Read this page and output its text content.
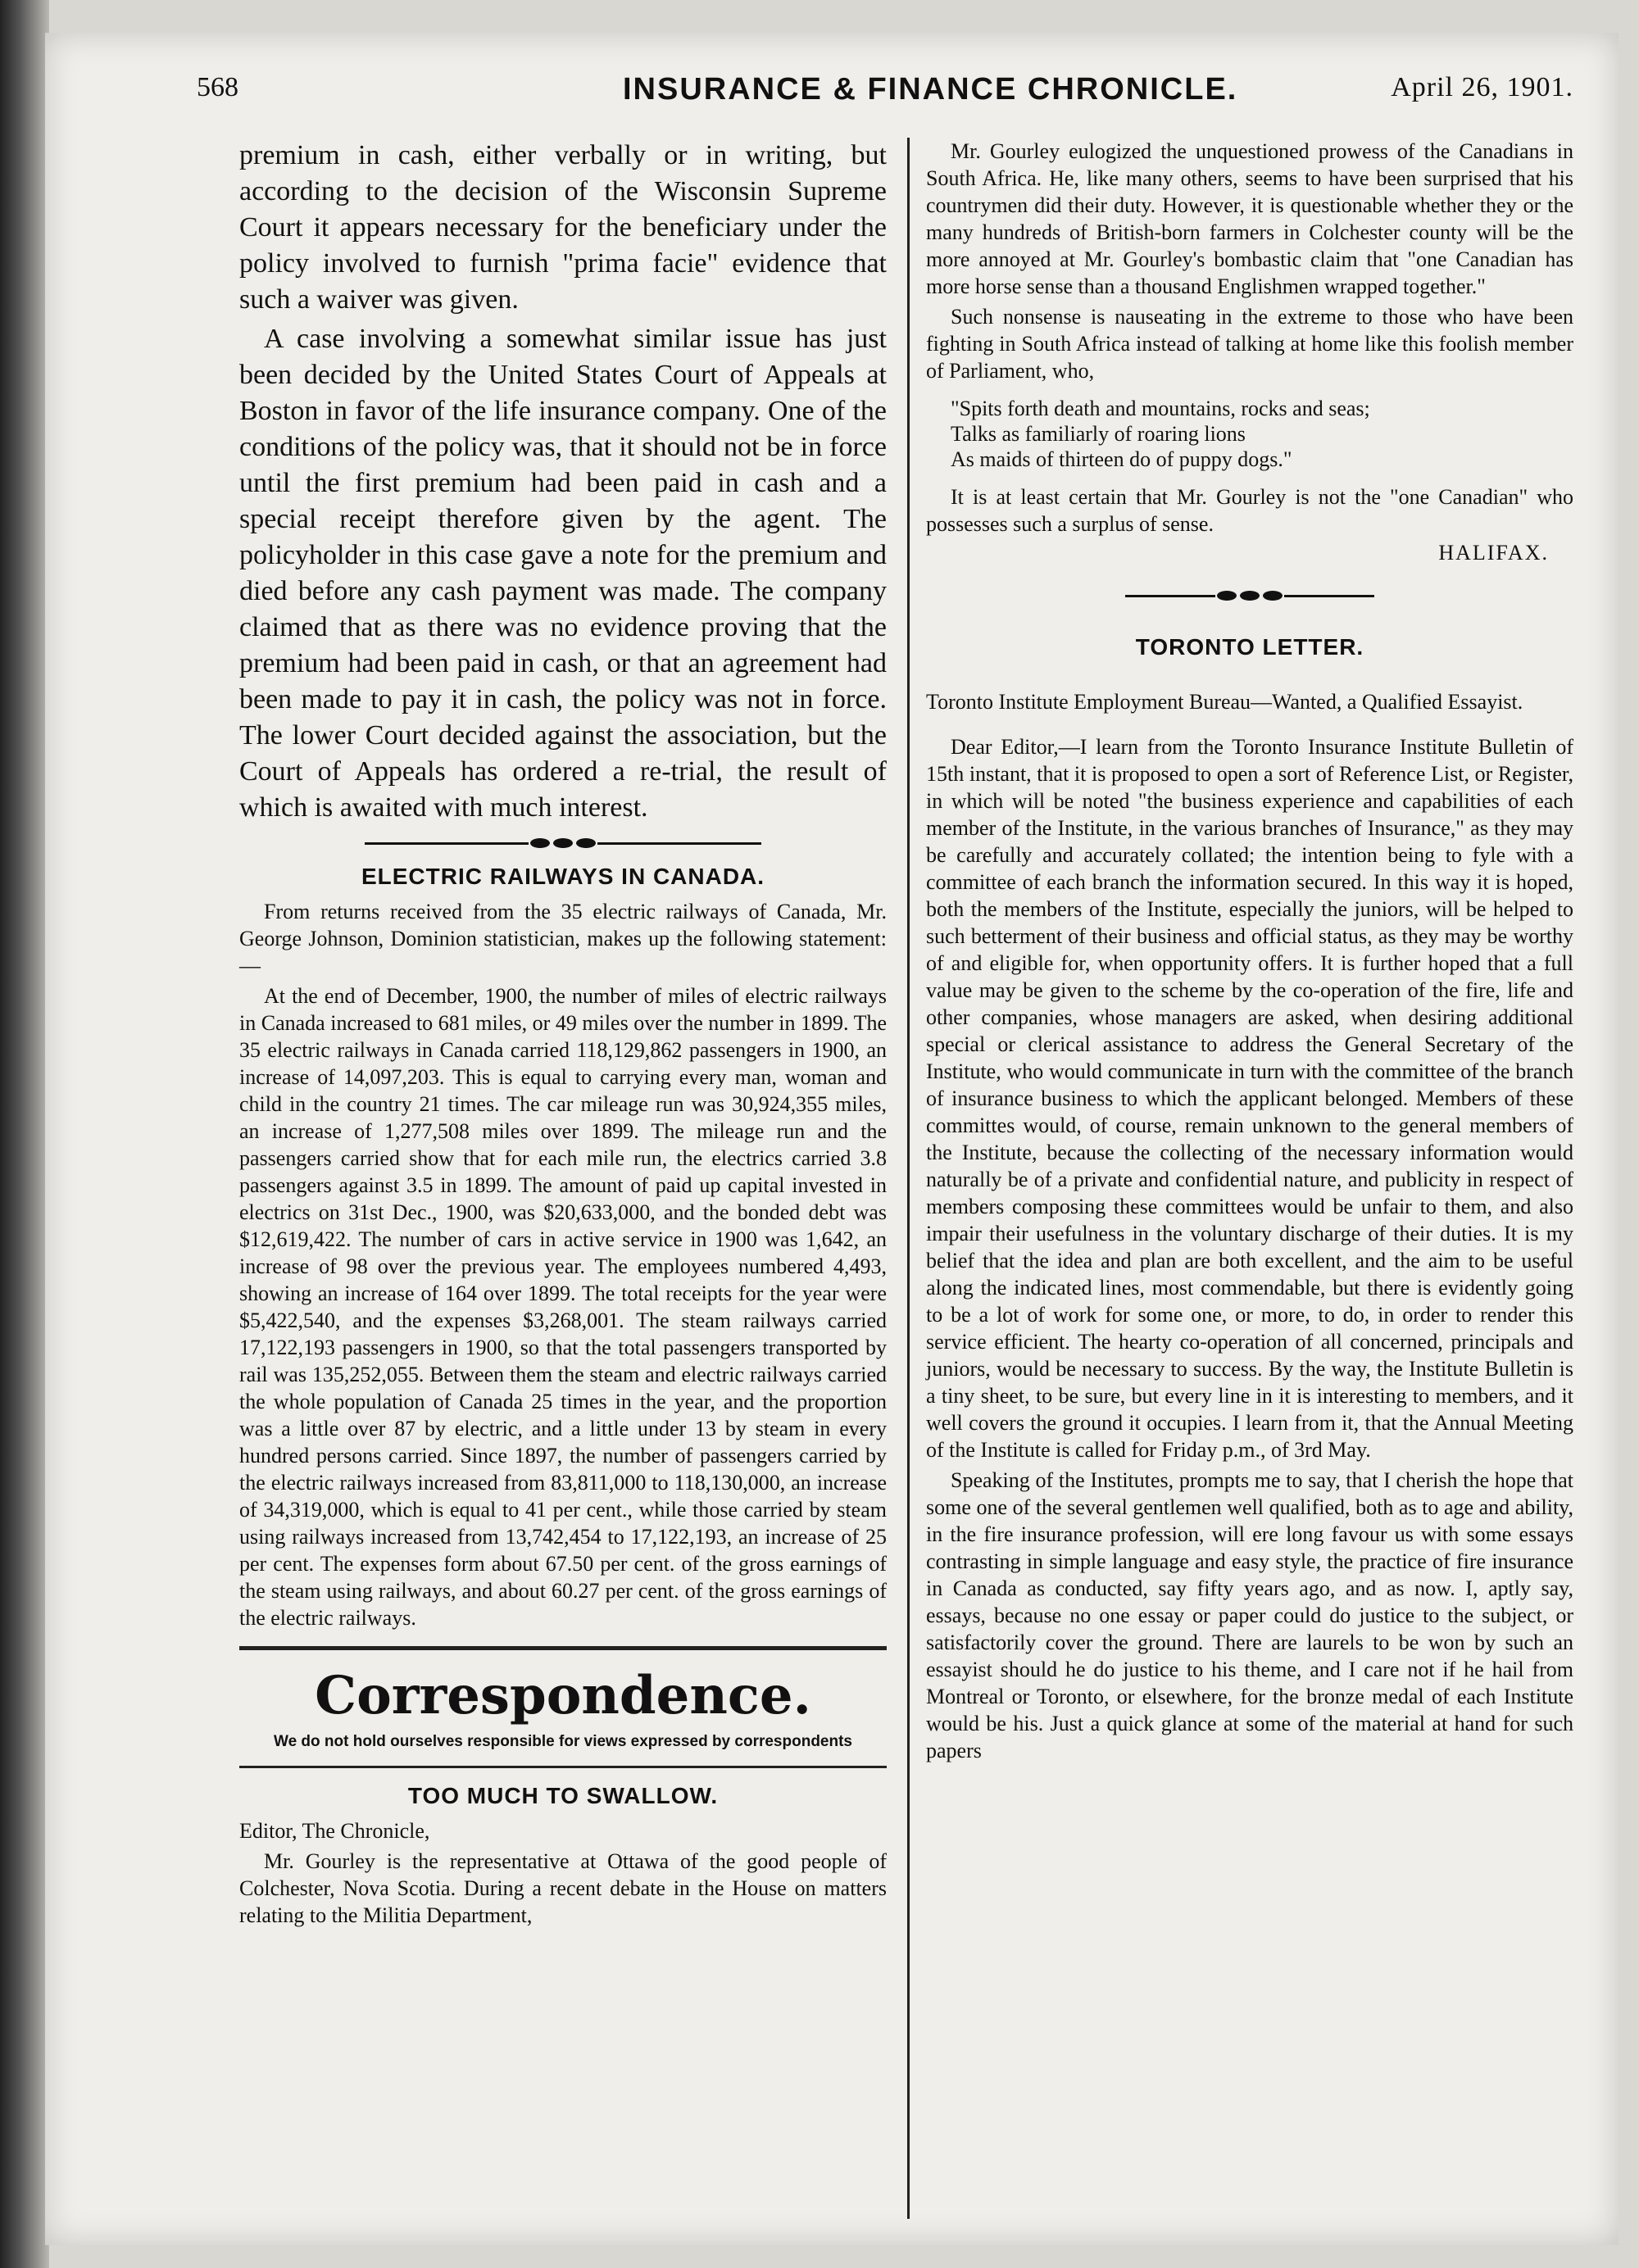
568	INSURANCE & FINANCE CHRONICLE.	April 26, 1901.

premium in cash, either verbally or in writing, but according to the decision of the Wisconsin Supreme Court it appears necessary for the beneficiary under the policy involved to furnish "prima facie" evidence that such a waiver was given.

A case involving a somewhat similar issue has just been decided by the United States Court of Appeals at Boston in favor of the life insurance company. One of the conditions of the policy was, that it should not be in force until the first premium had been paid in cash and a special receipt therefore given by the agent. The policyholder in this case gave a note for the premium and died before any cash payment was made. The company claimed that as there was no evidence proving that the premium had been paid in cash, or that an agreement had been made to pay it in cash, the policy was not in force. The lower Court decided against the association, but the Court of Appeals has ordered a re-trial, the result of which is awaited with much interest.

ELECTRIC RAILWAYS IN CANADA.

From returns received from the 35 electric railways of Canada, Mr. George Johnson, Dominion statistician, makes up the following statement:—

At the end of December, 1900, the number of miles of electric railways in Canada increased to 681 miles, or 49 miles over the number in 1899. The 35 electric railways in Canada carried 118,129,862 passengers in 1900, an increase of 14,097,203. This is equal to carrying every man, woman and child in the country 21 times. The car mileage run was 30,924,355 miles, an increase of 1,277,508 miles over 1899. The mileage run and the passengers carried show that for each mile run, the electrics carried 3.8 passengers against 3.5 in 1899. The amount of paid up capital invested in electrics on 31st Dec., 1900, was $20,633,000, and the bonded debt was $12,619,422. The number of cars in active service in 1900 was 1,642, an increase of 98 over the previous year. The employees numbered 4,493, showing an increase of 164 over 1899. The total receipts for the year were $5,422,540, and the expenses $3,268,001. The steam railways carried 17,122,193 passengers in 1900, so that the total passengers transported by rail was 135,252,055. Between them the steam and electric railways carried the whole population of Canada 25 times in the year, and the proportion was a little over 87 by electric, and a little under 13 by steam in every hundred persons carried. Since 1897, the number of passengers carried by the electric railways increased from 83,811,000 to 118,130,000, an increase of 34,319,000, which is equal to 41 per cent., while those carried by steam using railways increased from 13,742,454 to 17,122,193, an increase of 25 per cent. The expenses form about 67.50 per cent. of the gross earnings of the steam using railways, and about 60.27 per cent. of the gross earnings of the electric railways.

Correspondence.
We do not hold ourselves responsible for views expressed by correspondents
TOO MUCH TO SWALLOW.

Editor, The Chronicle,

Mr. Gourley is the representative at Ottawa of the good people of Colchester, Nova Scotia. During a recent debate in the House on matters relating to the Militia Department,

Mr. Gourley eulogized the unquestioned prowess of the Canadians in South Africa. He, like many others, seems to have been surprised that his countrymen did their duty. However, it is questionable whether they or the many hundreds of British-born farmers in Colchester county will be the more annoyed at Mr. Gourley's bombastic claim that "one Canadian has more horse sense than a thousand Englishmen wrapped together."

Such nonsense is nauseating in the extreme to those who have been fighting in South Africa instead of talking at home like this foolish member of Parliament, who,

"Spits forth death and mountains, rocks and seas;
Talks as familiarly of roaring lions
As maids of thirteen do of puppy dogs."

It is at least certain that Mr. Gourley is not the "one Canadian" who possesses such a surplus of sense.

HALIFAX.
TORONTO LETTER.
Toronto Institute Employment Bureau—Wanted, a Qualified Essayist.

Dear Editor,—I learn from the Toronto Insurance Institute Bulletin of 15th instant, that it is proposed to open a sort of Reference List, or Register, in which will be noted "the business experience and capabilities of each member of the Institute, in the various branches of Insurance," as they may be carefully and accurately collated; the intention being to fyle with a committee of each branch the information secured. In this way it is hoped, both the members of the Institute, especially the juniors, will be helped to such betterment of their business and official status, as they may be worthy of and eligible for, when opportunity offers. It is further hoped that a full value may be given to the scheme by the co-operation of the fire, life and other companies, whose managers are asked, when desiring additional special or clerical assistance to address the General Secretary of the Institute, who would communicate in turn with the committee of the branch of insurance business to which the applicant belonged. Members of these committes would, of course, remain unknown to the general members of the Institute, because the collecting of the necessary information would naturally be of a private and confidential nature, and publicity in respect of members composing these committees would be unfair to them, and also impair their usefulness in the voluntary discharge of their duties. It is my belief that the idea and plan are both excellent, and the aim to be useful along the indicated lines, most commendable, but there is evidently going to be a lot of work for some one, or more, to do, in order to render this service efficient. The hearty co-operation of all concerned, principals and juniors, would be necessary to success. By the way, the Institute Bulletin is a tiny sheet, to be sure, but every line in it is interesting to members, and it well covers the ground it occupies. I learn from it, that the Annual Meeting of the Institute is called for Friday p.m., of 3rd May.

Speaking of the Institutes, prompts me to say, that I cherish the hope that some one of the several gentlemen well qualified, both as to age and ability, in the fire insurance profession, will ere long favour us with some essays contrasting in simple language and easy style, the practice of fire insurance in Canada as conducted, say fifty years ago, and as now. I, aptly say, essays, because no one essay or paper could do justice to the subject, or satisfactorily cover the ground. There are laurels to be won by such an essayist should he do justice to his theme, and I care not if he hail from Montreal or Toronto, or elsewhere, for the bronze medal of each Institute would be his. Just a quick glance at some of the material at hand for such papers
